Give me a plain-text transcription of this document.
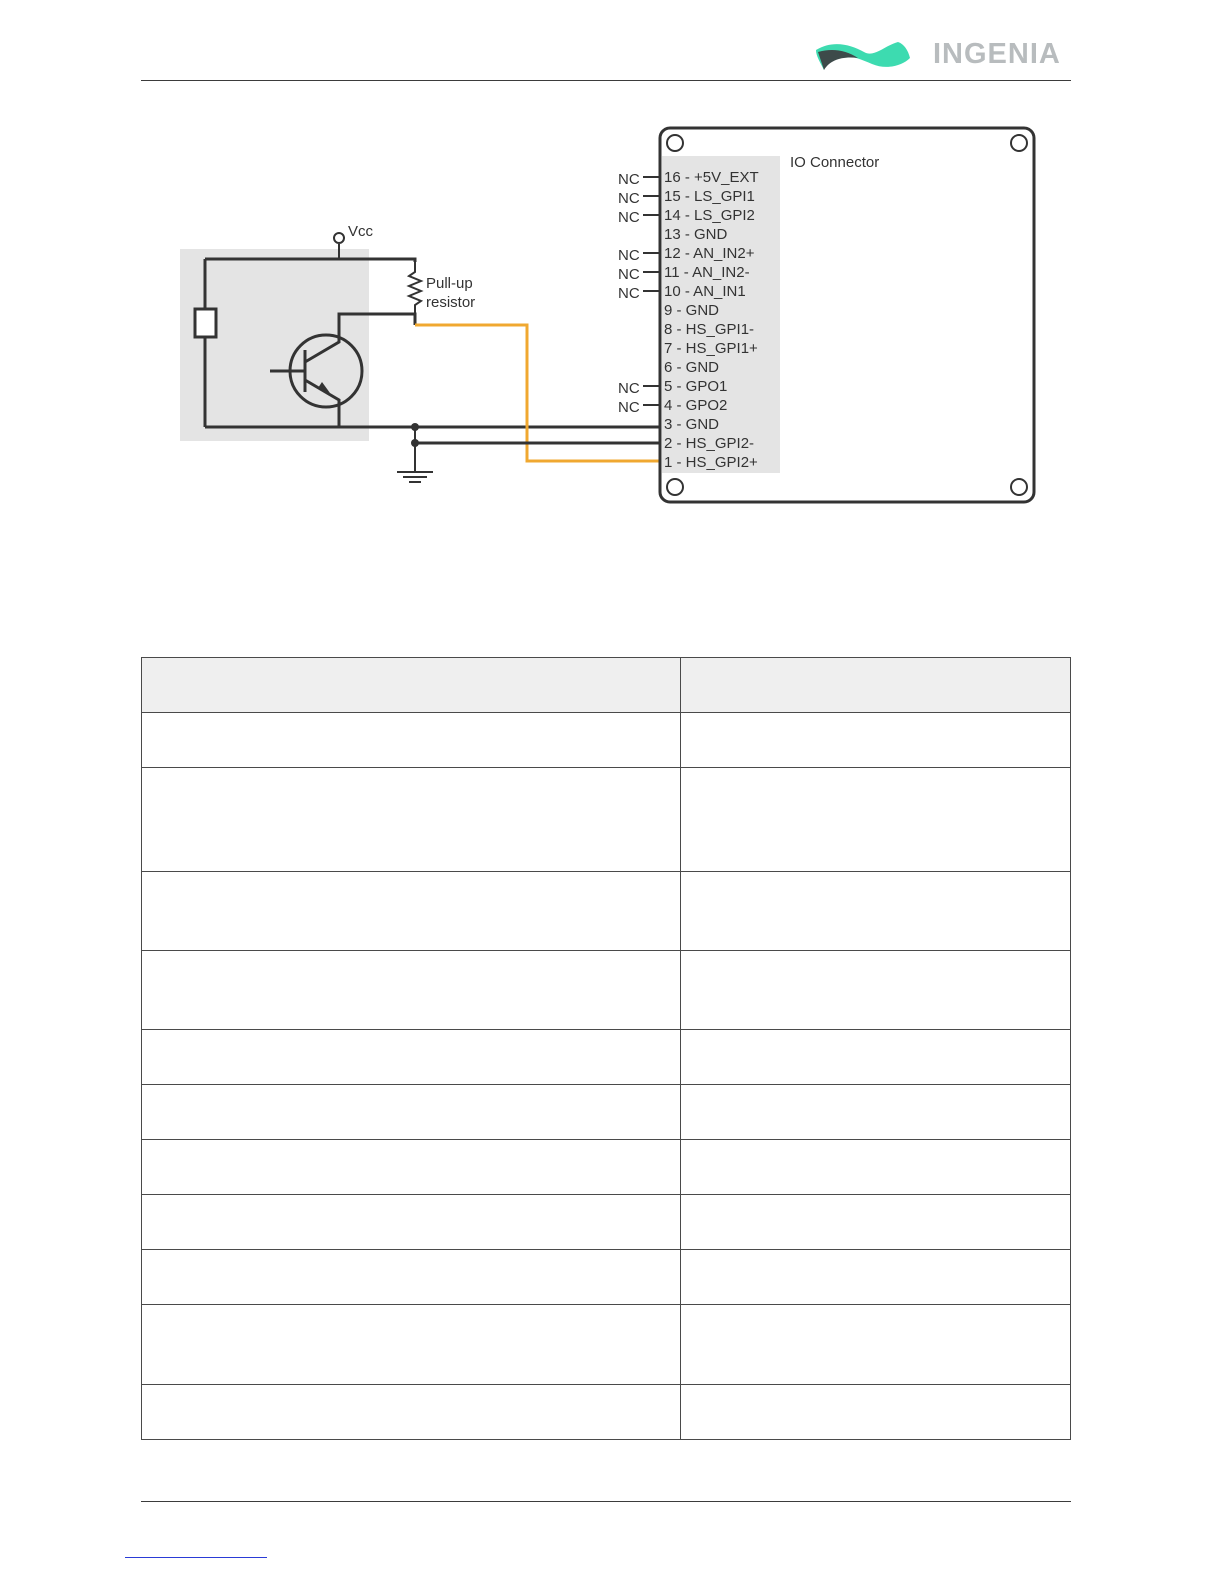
INGENIA
Vcc
Pull-up
resistor
IO Connector
16 - +5V_EXT
NC
15 - LS_GPI1
NC
14 - LS_GPI2
NC
13 - GND
12 - AN_IN2+
NC
11 - AN_IN2-
NC
10 - AN_IN1
NC
9 - GND
8 - HS_GPI1-
7 - HS_GPI1+
6 - GND
5 - GPO1
NC
4 - GPO2
NC
3 - GND
2 - HS_GPI2-
1 - HS_GPI2+
